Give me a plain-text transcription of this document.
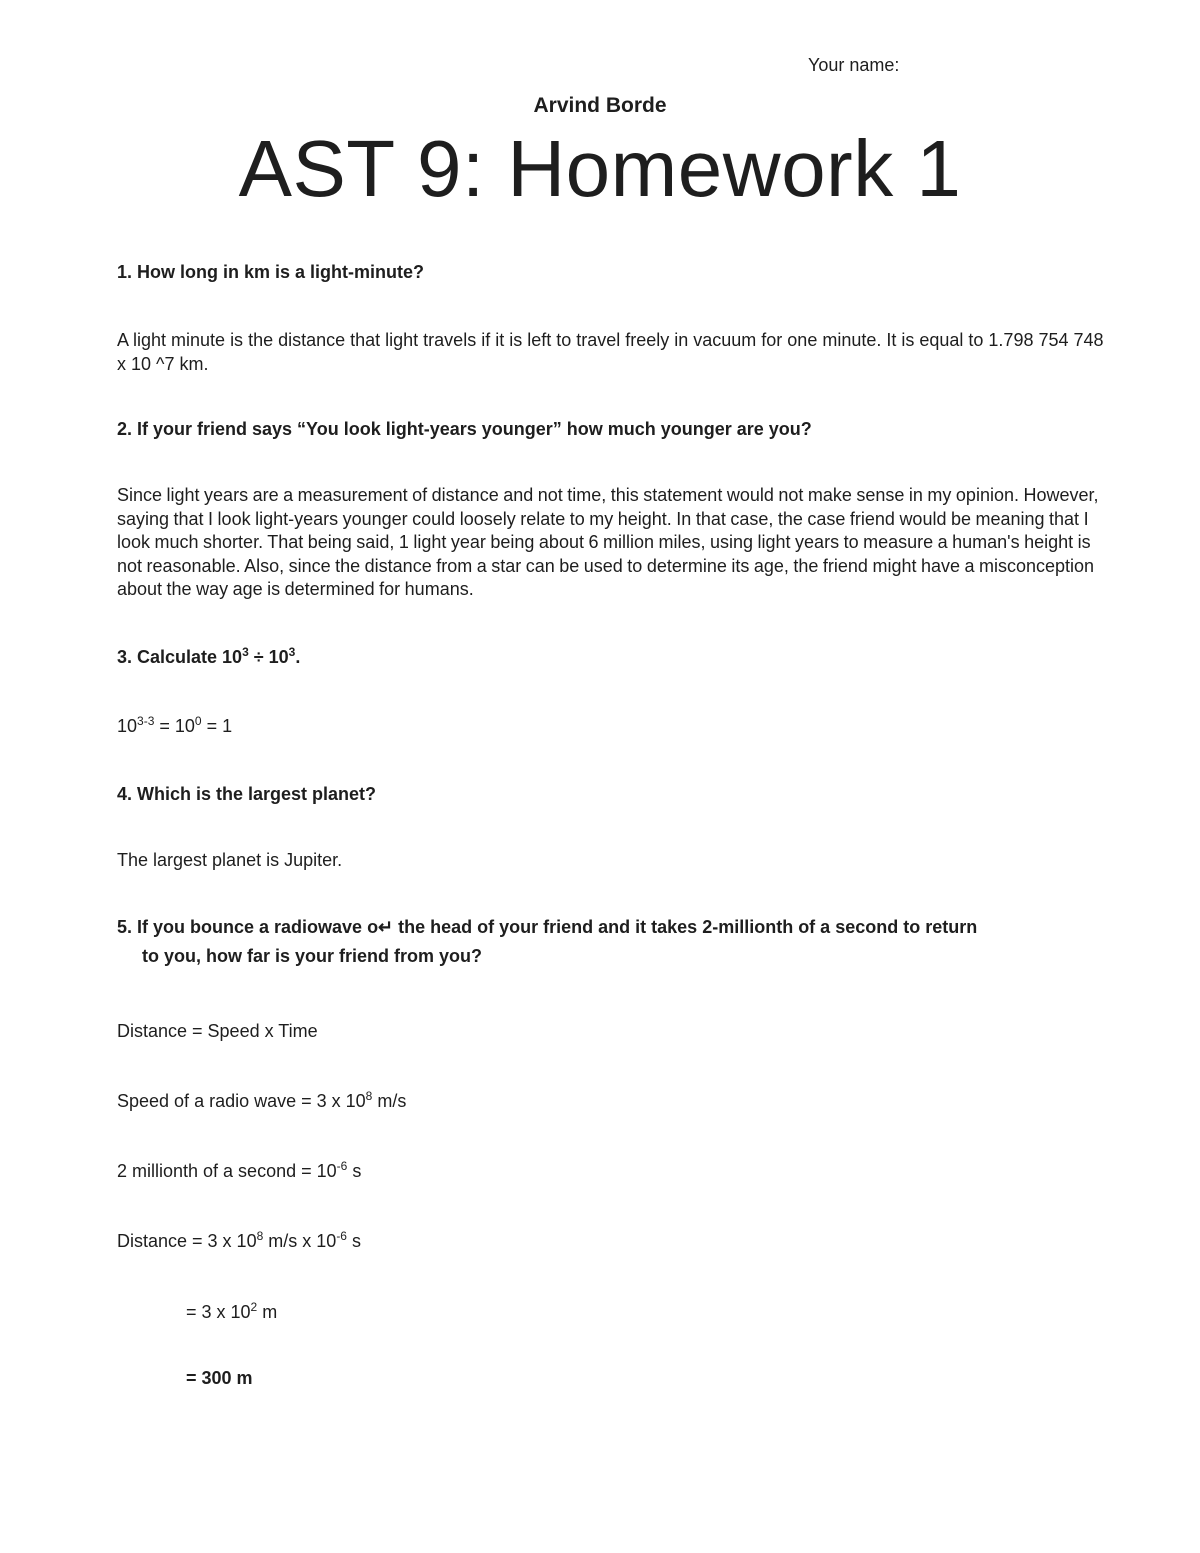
Your name:
Arvind Borde
AST 9: Homework 1
1. How long in km is a light-minute?
A light minute is the distance that light travels if it is left to travel freely in vacuum for one minute. It is equal to 1.798 754 748 x 10 ^7 km.
2. If your friend says “You look light-years younger” how much younger are you?
Since light years are a measurement of distance and not time, this statement would not make sense in my opinion. However, saying that I look light-years younger could loosely relate to my height. In that case, the case friend would be meaning that I look much shorter. That being said, 1 light year being about 6 million miles, using light years to measure a human's height is not reasonable. Also, since the distance from a star can be used to determine its age, the friend might have a misconception about the way age is determined for humans.
3. Calculate $10^3 \div 10^3$.
$10^{3-3} = 10^0 = 1$
4. Which is the largest planet?
The largest planet is Jupiter.
5. If you bounce a radiowave o↵ the head of your friend and it takes 2-millionth of a second to return
to you, how far is your friend from you?
Distance = Speed x Time
Speed of a radio wave = 3 x $10^8$ m/s
2 millionth of a second = $10^{-6}$ s
Distance = 3 x $10^8$ m/s x $10^{-6}$ s
= 3 x $10^2$ m
= 300 m
